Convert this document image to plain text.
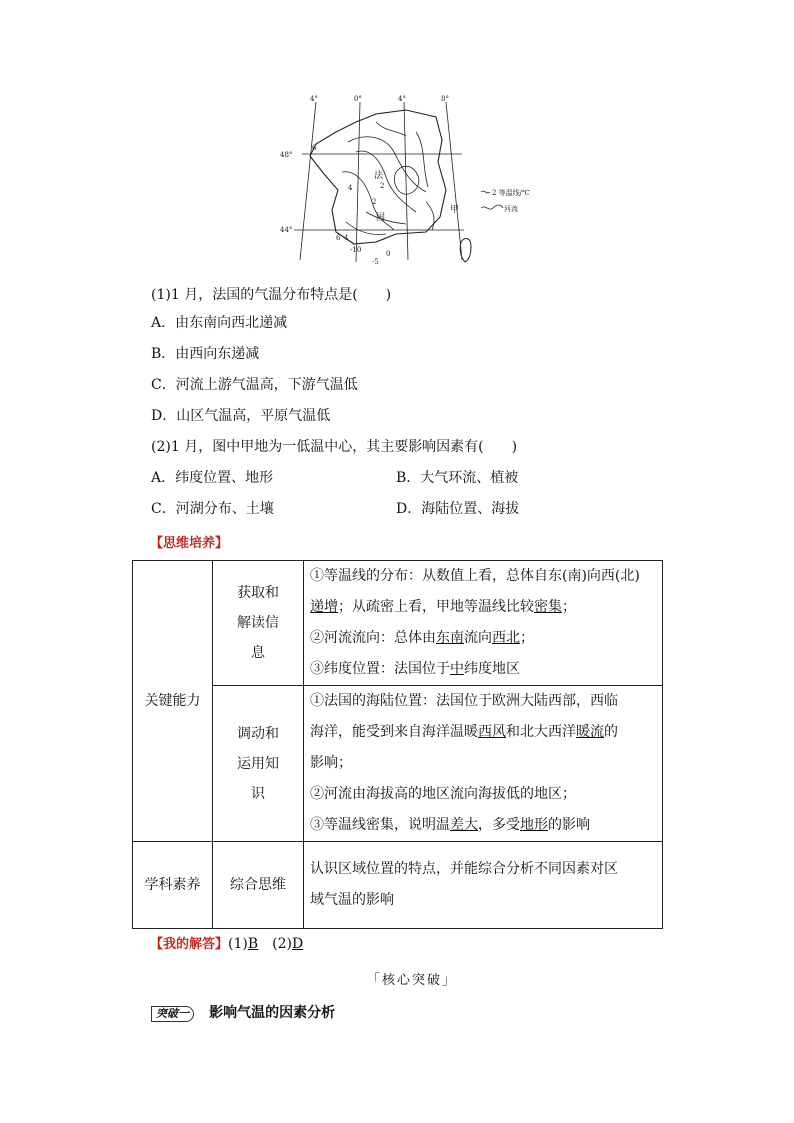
4°	0°	4°	8°
48°
44°
法
国
甲
6
4	2
2
6 4
-10
-5
0
2 等温线/℃
河流
(1)1 月，法国的气温分布特点是(　　)
A．由东南向西北递减
B．由西向东递减
C．河流上游气温高，下游气温低
D．山区气温高，平原气温低
(2)1 月，图中甲地为一低温中心，其主要影响因素有(　　)
A．纬度位置、地形	B．大气环流、植被
C．河湖分布、土壤	D．海陆位置、海拔
【思维培养】
关键能力	获取和解读信息	①等温线的分布：从数值上看，总体自东(南)向西(北)
递增；从疏密上看，甲地等温线比较密集；
②河流流向：总体由东南流向西北；
③纬度位置：法国位于中纬度地区

	调动和运用知识	①法国的海陆位置：法国位于欧洲大陆西部，西临
海洋，能受到来自海洋温暖西风和北大西洋暖流的
影响；
②河流由海拔高的地区流向海拔低的地区；
③等温线密集，说明温差大，多受地形的影响

学科素养	综合思维	认识区域位置的特点，并能综合分析不同因素对区
域气温的影响
【我的解答】(1)B (2)D
「核心突破」
突破一 影响气温的因素分析
